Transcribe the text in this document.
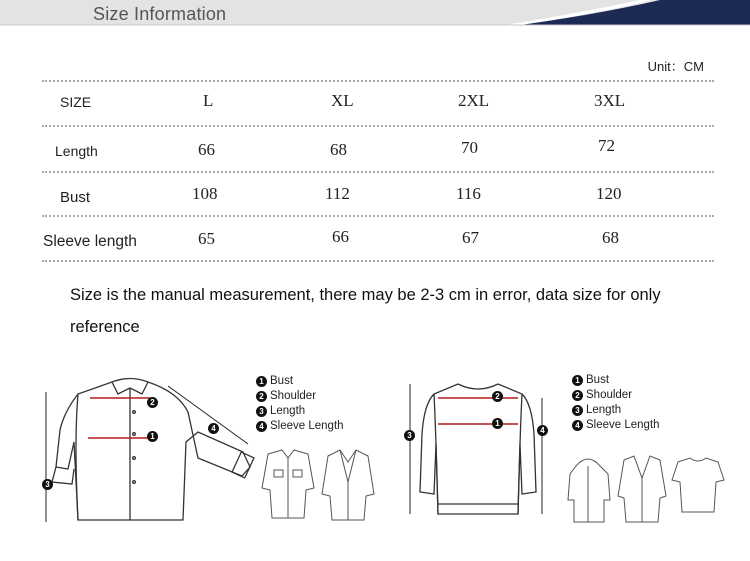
Size Information
Unit：CM
SIZE	L	XL	2XL	3XL
Length	66	68	70	72
Bust	108	112	116	120
Sleeve length	65	66	67	68
Size is the manual measurement, there may be 2-3 cm in error, data size for only reference
1
2
3
4
1 Bust
2 Shoulder
3 Length
4 Sleeve Length	1
2
3
4
1 Bust
2 Shoulder
3 Length
4 Sleeve Length
